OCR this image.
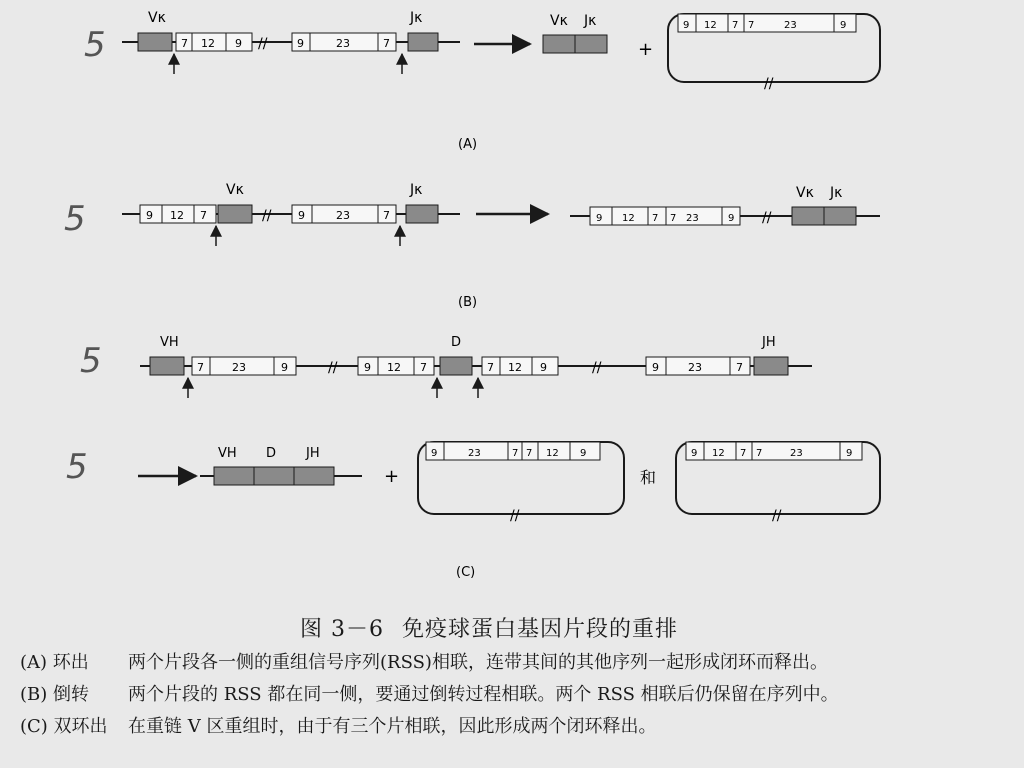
Vκ
7 12 9 //	9	23	7
Jκ	Vκ Jκ
+
9 12 7 7	23	9
//
(A)
9 12 7
Vκ
// 9	23	7
Jκ
9 12 7 7 23	9 //
Vκ Jκ
(B)
VH
7	23	9	// 9 12 7
D
7 12 9	//	9	23	7
JH
VH D JH
+
9	23	7 7 12 9
//
和
9 12 7 7	23	9
//
(C)
5
5
5
5
图 3－6 免疫球蛋白基因片段的重排
(A) 环出 两个片段各一侧的重组信号序列(RSS)相联，连带其间的其他序列一起形成闭环而释出。
(B) 倒转 两个片段的 RSS 都在同一侧，要通过倒转过程相联。两个 RSS 相联后仍保留在序列中。
(C) 双环出 在重链 V 区重组时，由于有三个片相联，因此形成两个闭环释出。
